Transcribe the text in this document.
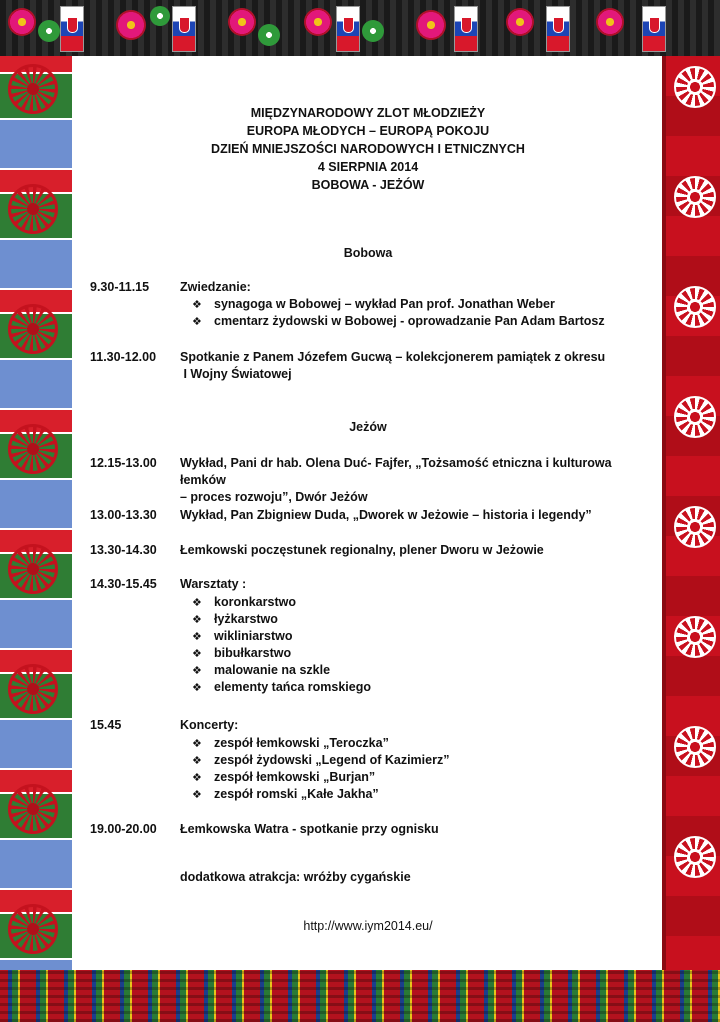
MIĘDZYNARODOWY ZLOT MŁODZIEŻY
EUROPA MŁODYCH – EUROPĄ POKOJU
DZIEŃ MNIEJSZOŚCI NARODOWYCH I ETNICZNYCH
4 SIERPNIA 2014
BOBOWA - JEŻÓW
Bobowa
9.30-11.15	Zwiedzanie:
❖ synagoga w Bobowej – wykład Pan prof. Jonathan Weber
❖ cmentarz żydowski w Bobowej - oprowadzanie Pan Adam Bartosz
11.30-12.00	Spotkanie z Panem Józefem Gucwą – kolekcjonerem pamiątek z okresu
I Wojny Światowej
Jeżów
12.15-13.00	Wykład, Pani dr hab. Olena Duć- Fajfer, „Tożsamość etniczna i kulturowa łemków
– proces rozwoju”, Dwór Jeżów
13.00-13.30	Wykład, Pan Zbigniew Duda, „Dworek w Jeżowie – historia i legendy”
13.30-14.30	Łemkowski poczęstunek regionalny, plener Dworu w Jeżowie
14.30-15.45	Warsztaty :
❖ koronkarstwo
❖ łyżkarstwo
❖ wikliniarstwo
❖ bibułkarstwo
❖ malowanie na szkle
❖ elementy tańca romskiego
15.45	Koncerty:
❖ zespół łemkowski „Teroczka”
❖ zespół żydowski „Legend of Kazimierz”
❖ zespół łemkowski „Burjan”
❖ zespół romski „Kałe Jakha”
19.00-20.00	Łemkowska Watra - spotkanie przy ognisku
dodatkowa atrakcja: wróżby cygańskie
http://www.iym2014.eu/
